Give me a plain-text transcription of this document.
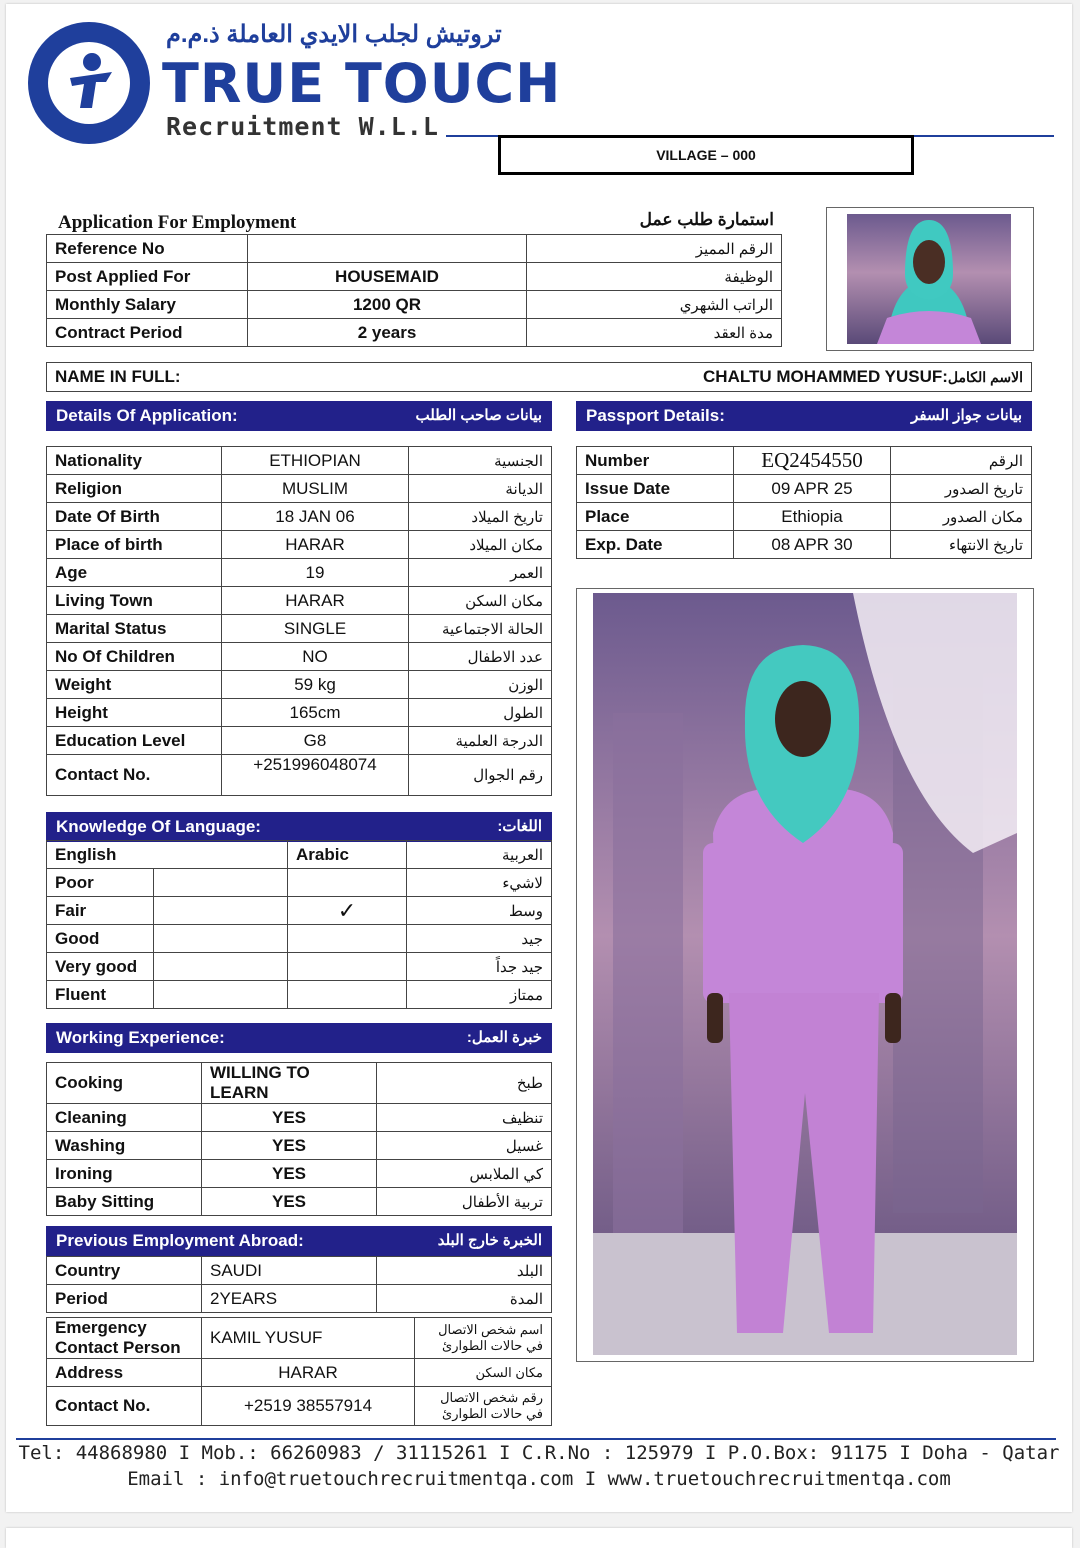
تروتيش لجلب الايدي العاملة ذ.م.م
TRUE TOUCH
Recruitment W.L.L
VILLAGE – 000
Application For Employment	استمارة طلب عمل
Reference No		الرقم المميز
Post Applied For	HOUSEMAID	الوظيفة
Monthly Salary	1200 QR	الراتب الشهري
Contract Period	2 years	مدة العقد
NAME IN FULL:	CHALTU MOHAMMED YUSUF:الاسم الكامل
Details Of Application:	بيانات صاحب الطلب
Nationality	ETHIOPIAN	الجنسية
Religion	MUSLIM	الديانة
Date Of Birth	18 JAN 06	تاريخ الميلاد
Place of birth	HARAR	مكان الميلاد
Age	19	العمر
Living Town	HARAR	مكان السكن
Marital Status	SINGLE	الحالة الاجتماعية
No Of Children	NO	عدد الاطفال
Weight	59 kg	الوزن
Height	165cm	الطول
Education Level	G8	الدرجة العلمية
Contact No.	+251996048074	رقم الجوال
Passport Details:	بيانات جواز السفر
Number	EQ2454550	الرقم
Issue Date	09 APR 25	تاريخ الصدور
Place	Ethiopia	مكان الصدور
Exp. Date	08 APR 30	تاريخ الانتهاء
Knowledge Of Language:	اللغات:
English		Arabic	العربية
Poor			لاشيء
Fair		✓	وسط
Good			جيد
Very good			جيد جداً
Fluent			ممتاز
Working Experience:	خبرة العمل:
Cooking	WILLING TO LEARN	طبخ
Cleaning	YES	تنظيف
Washing	YES	غسيل
Ironing	YES	كي الملابس
Baby Sitting	YES	تربية الأطفال
Previous Employment Abroad:	الخبرة خارج البلد
Country	SAUDI	البلد
Period	2YEARS	المدة
Emergency Contact Person	KAMIL YUSUF	اسم شخص الاتصال في حالات الطوارئ
Address	HARAR	مكان السكن
Contact No.	+2519 38557914	رقم شخص الاتصال في حالات الطوارئ
Tel: 44868980 I Mob.: 66260983 / 31115261 I C.R.No : 125979 I P.O.Box: 91175 I Doha - Qatar
Email : info@truetouchrecruitmentqa.com I www.truetouchrecruitmentqa.com
